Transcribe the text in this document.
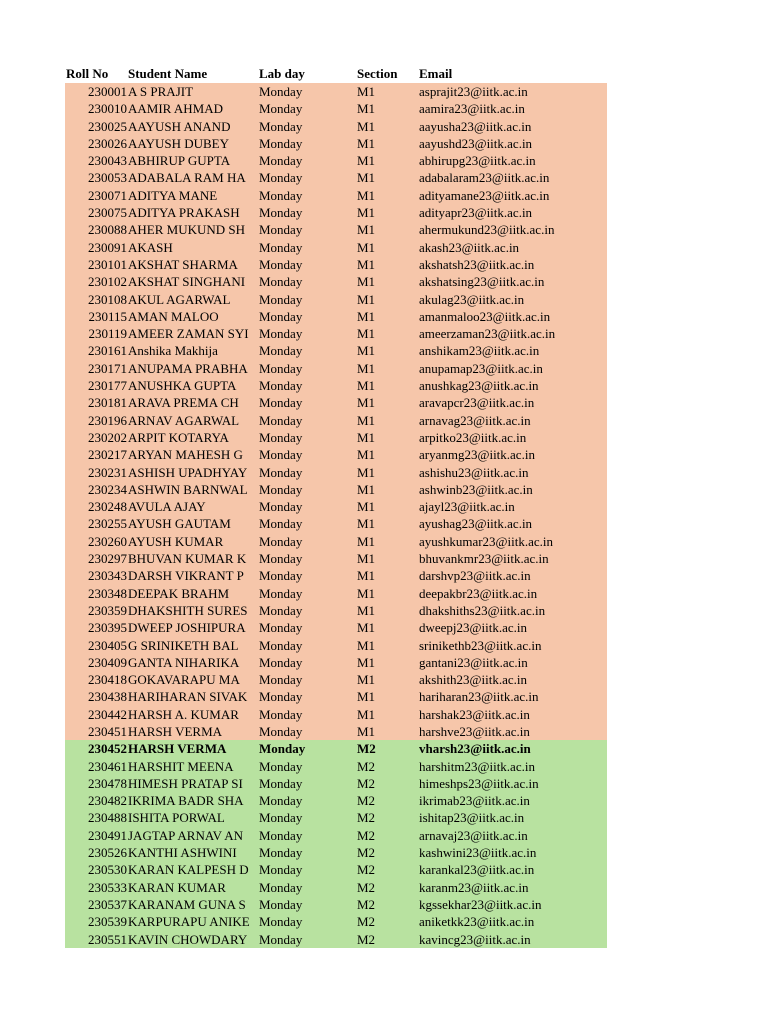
Roll No	Student Name	Lab day	Section	Email
230001 A S PRAJIT	Monday	M1	asprajit23@iitk.ac.in
230010 AAMIR AHMAD	Monday	M1	aamira23@iitk.ac.in
230025 AAYUSH ANAND	Monday	M1	aayusha23@iitk.ac.in
230026 AAYUSH DUBEY	Monday	M1	aayushd23@iitk.ac.in
230043 ABHIRUP GUPTA	Monday	M1	abhirupg23@iitk.ac.in
230053 ADABALA RAM HA	Monday	M1	adabalaram23@iitk.ac.in
230071 ADITYA MANE	Monday	M1	adityamane23@iitk.ac.in
230075 ADITYA PRAKASH	Monday	M1	adityapr23@iitk.ac.in
230088 AHER MUKUND SH	Monday	M1	ahermukund23@iitk.ac.in
230091 AKASH	Monday	M1	akash23@iitk.ac.in
230101 AKSHAT SHARMA	Monday	M1	akshatsh23@iitk.ac.in
230102 AKSHAT SINGHANI	Monday	M1	akshatsing23@iitk.ac.in
230108 AKUL AGARWAL	Monday	M1	akulag23@iitk.ac.in
230115 AMAN MALOO	Monday	M1	amanmaloo23@iitk.ac.in
230119 AMEER ZAMAN SYI Monday	M1	ameerzaman23@iitk.ac.in
230161 Anshika Makhija	Monday	M1	anshikam23@iitk.ac.in
230171 ANUPAMA PRABHA Monday	M1	anupamap23@iitk.ac.in
230177 ANUSHKA GUPTA	Monday	M1	anushkag23@iitk.ac.in
230181 ARAVA PREMA CH	Monday	M1	aravapcr23@iitk.ac.in
230196 ARNAV AGARWAL	Monday	M1	arnavag23@iitk.ac.in
230202 ARPIT KOTARYA	Monday	M1	arpitko23@iitk.ac.in
230217 ARYAN MAHESH G	Monday	M1	aryanmg23@iitk.ac.in
230231 ASHISH UPADHYAY Monday	M1	ashishu23@iitk.ac.in
230234 ASHWIN BARNWAL Monday	M1	ashwinb23@iitk.ac.in
230248 AVULA AJAY	Monday	M1	ajayl23@iitk.ac.in
230255 AYUSH GAUTAM	Monday	M1	ayushag23@iitk.ac.in
230260 AYUSH KUMAR	Monday	M1	ayushkumar23@iitk.ac.in
230297 BHUVAN KUMAR K Monday	M1	bhuvankmr23@iitk.ac.in
230343 DARSH VIKRANT P	Monday	M1	darshvp23@iitk.ac.in
230348 DEEPAK BRAHM	Monday	M1	deepakbr23@iitk.ac.in
230359 DHAKSHITH SURES Monday	M1	dhakshiths23@iitk.ac.in
230395 DWEEP JOSHIPURA	Monday	M1	dweepj23@iitk.ac.in
230405 G SRINIKETH BAL	Monday	M1	srinikethb23@iitk.ac.in
230409 GANTA NIHARIKA	Monday	M1	gantani23@iitk.ac.in
230418 GOKAVARAPU MA	Monday	M1	akshith23@iitk.ac.in
230438 HARIHARAN SIVAK Monday	M1	hariharan23@iitk.ac.in
230442 HARSH A. KUMAR	Monday	M1	harshak23@iitk.ac.in
230451 HARSH VERMA	Monday	M1	harshve23@iitk.ac.in
230452 HARSH VERMA	Monday	M2	vharsh23@iitk.ac.in
230461 HARSHIT MEENA	Monday	M2	harshitm23@iitk.ac.in
230478 HIMESH PRATAP SI	Monday	M2	himeshps23@iitk.ac.in
230482 IKRIMA BADR SHA	Monday	M2	ikrimab23@iitk.ac.in
230488 ISHITA PORWAL	Monday	M2	ishitap23@iitk.ac.in
230491 JAGTAP ARNAV AN	Monday	M2	arnavaj23@iitk.ac.in
230526 KANTHI ASHWINI	Monday	M2	kashwini23@iitk.ac.in
230530 KARAN KALPESH D Monday	M2	karankal23@iitk.ac.in
230533 KARAN KUMAR	Monday	M2	karanm23@iitk.ac.in
230537 KARANAM GUNA S	Monday	M2	kgssekhar23@iitk.ac.in
230539 KARPURAPU ANIKE Monday	M2	aniketkk23@iitk.ac.in
230551 KAVIN CHOWDARY Monday	M2	kavincg23@iitk.ac.in
